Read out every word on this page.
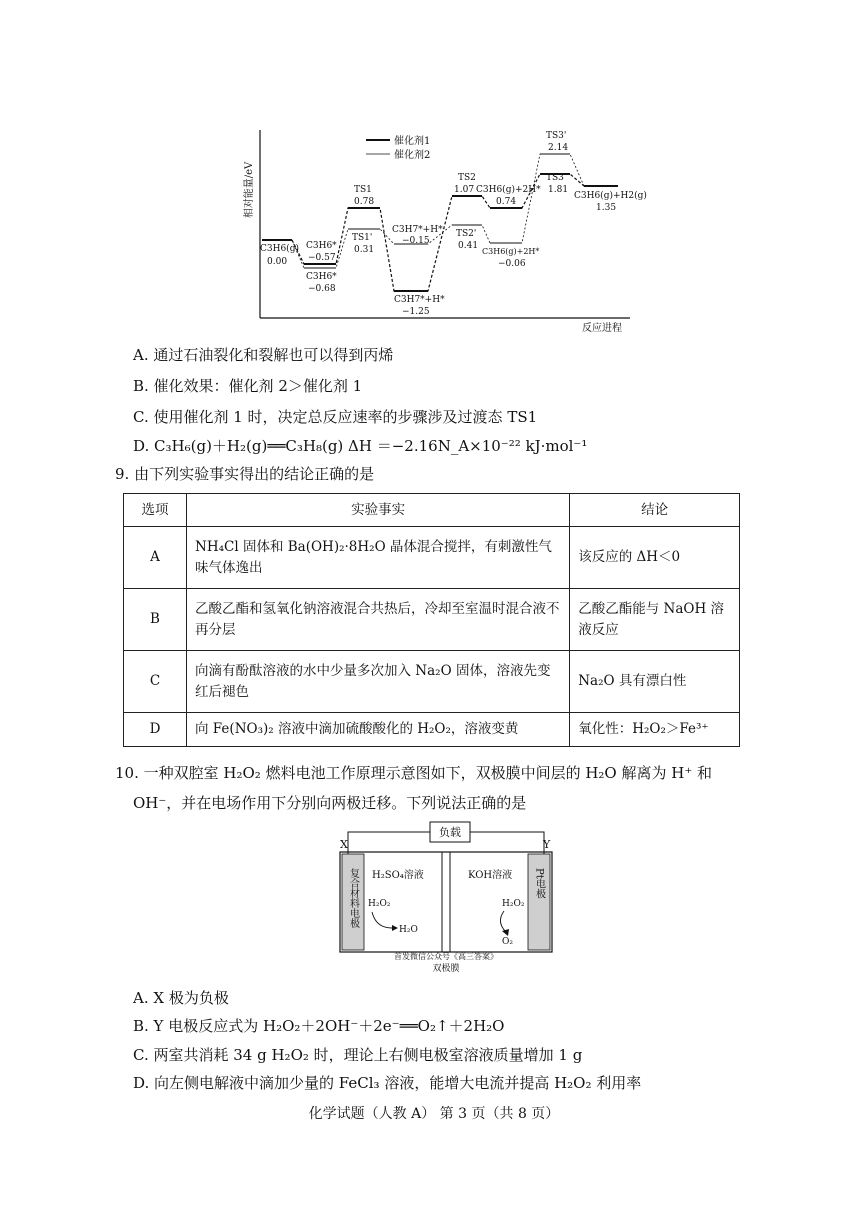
相对能量/eV
反应进程
催化剂1
催化剂2
C3H6(g)
0.00
C3H6*
−0.57
C3H6*
−0.68
TS1
0.78
TS1'
0.31
C3H7*+H*
−0.15
C3H7*+H*
−1.25
TS2
1.07
TS2'
0.41
C3H6(g)+2H*
0.74
C3H6(g)+2H*
−0.06
TS3'
2.14
TS3
1.81
C3H6(g)+H2(g)
1.35
A. 通过石油裂化和裂解也可以得到丙烯
B. 催化效果：催化剂 2＞催化剂 1
C. 使用催化剂 1 时，决定总反应速率的步骤涉及过渡态 TS1
D. C₃H₆(g)＋H₂(g)══C₃H₈(g) ΔH ＝−2.16N_A×10⁻²² kJ·mol⁻¹
9. 由下列实验事实得出的结论正确的是
选项	实验事实	结论
A	NH₄Cl 固体和 Ba(OH)₂·8H₂O 晶体混合搅拌，有刺激性气味气体逸出	该反应的 ΔH＜0
B	乙酸乙酯和氢氧化钠溶液混合共热后，冷却至室温时混合液不再分层	乙酸乙酯能与 NaOH 溶液反应
C	向滴有酚酞溶液的水中少量多次加入 Na₂O 固体，溶液先变红后褪色	Na₂O 具有漂白性
D	向 Fe(NO₃)₂ 溶液中滴加硫酸酸化的 H₂O₂，溶液变黄	氧化性：H₂O₂＞Fe³⁺
10. 一种双腔室 H₂O₂ 燃料电池工作原理示意图如下，双极膜中间层的 H₂O 解离为 H⁺ 和
OH⁻，并在电场作用下分别向两极迁移。下列说法正确的是
负载
X	Y
复合材料电极	Pt电极
H₂SO₄溶液	KOH溶液
H₂O₂
H₂O
H₂O₂
O₂
首发微信公众号《高三答案》
双极膜
A. X 极为负极
B. Y 电极反应式为 H₂O₂＋2OH⁻＋2e⁻══O₂↑＋2H₂O
C. 两室共消耗 34 g H₂O₂ 时，理论上右侧电极室溶液质量增加 1 g
D. 向左侧电解液中滴加少量的 FeCl₃ 溶液，能增大电流并提高 H₂O₂ 利用率
化学试题（人教 A） 第 3 页（共 8 页）
